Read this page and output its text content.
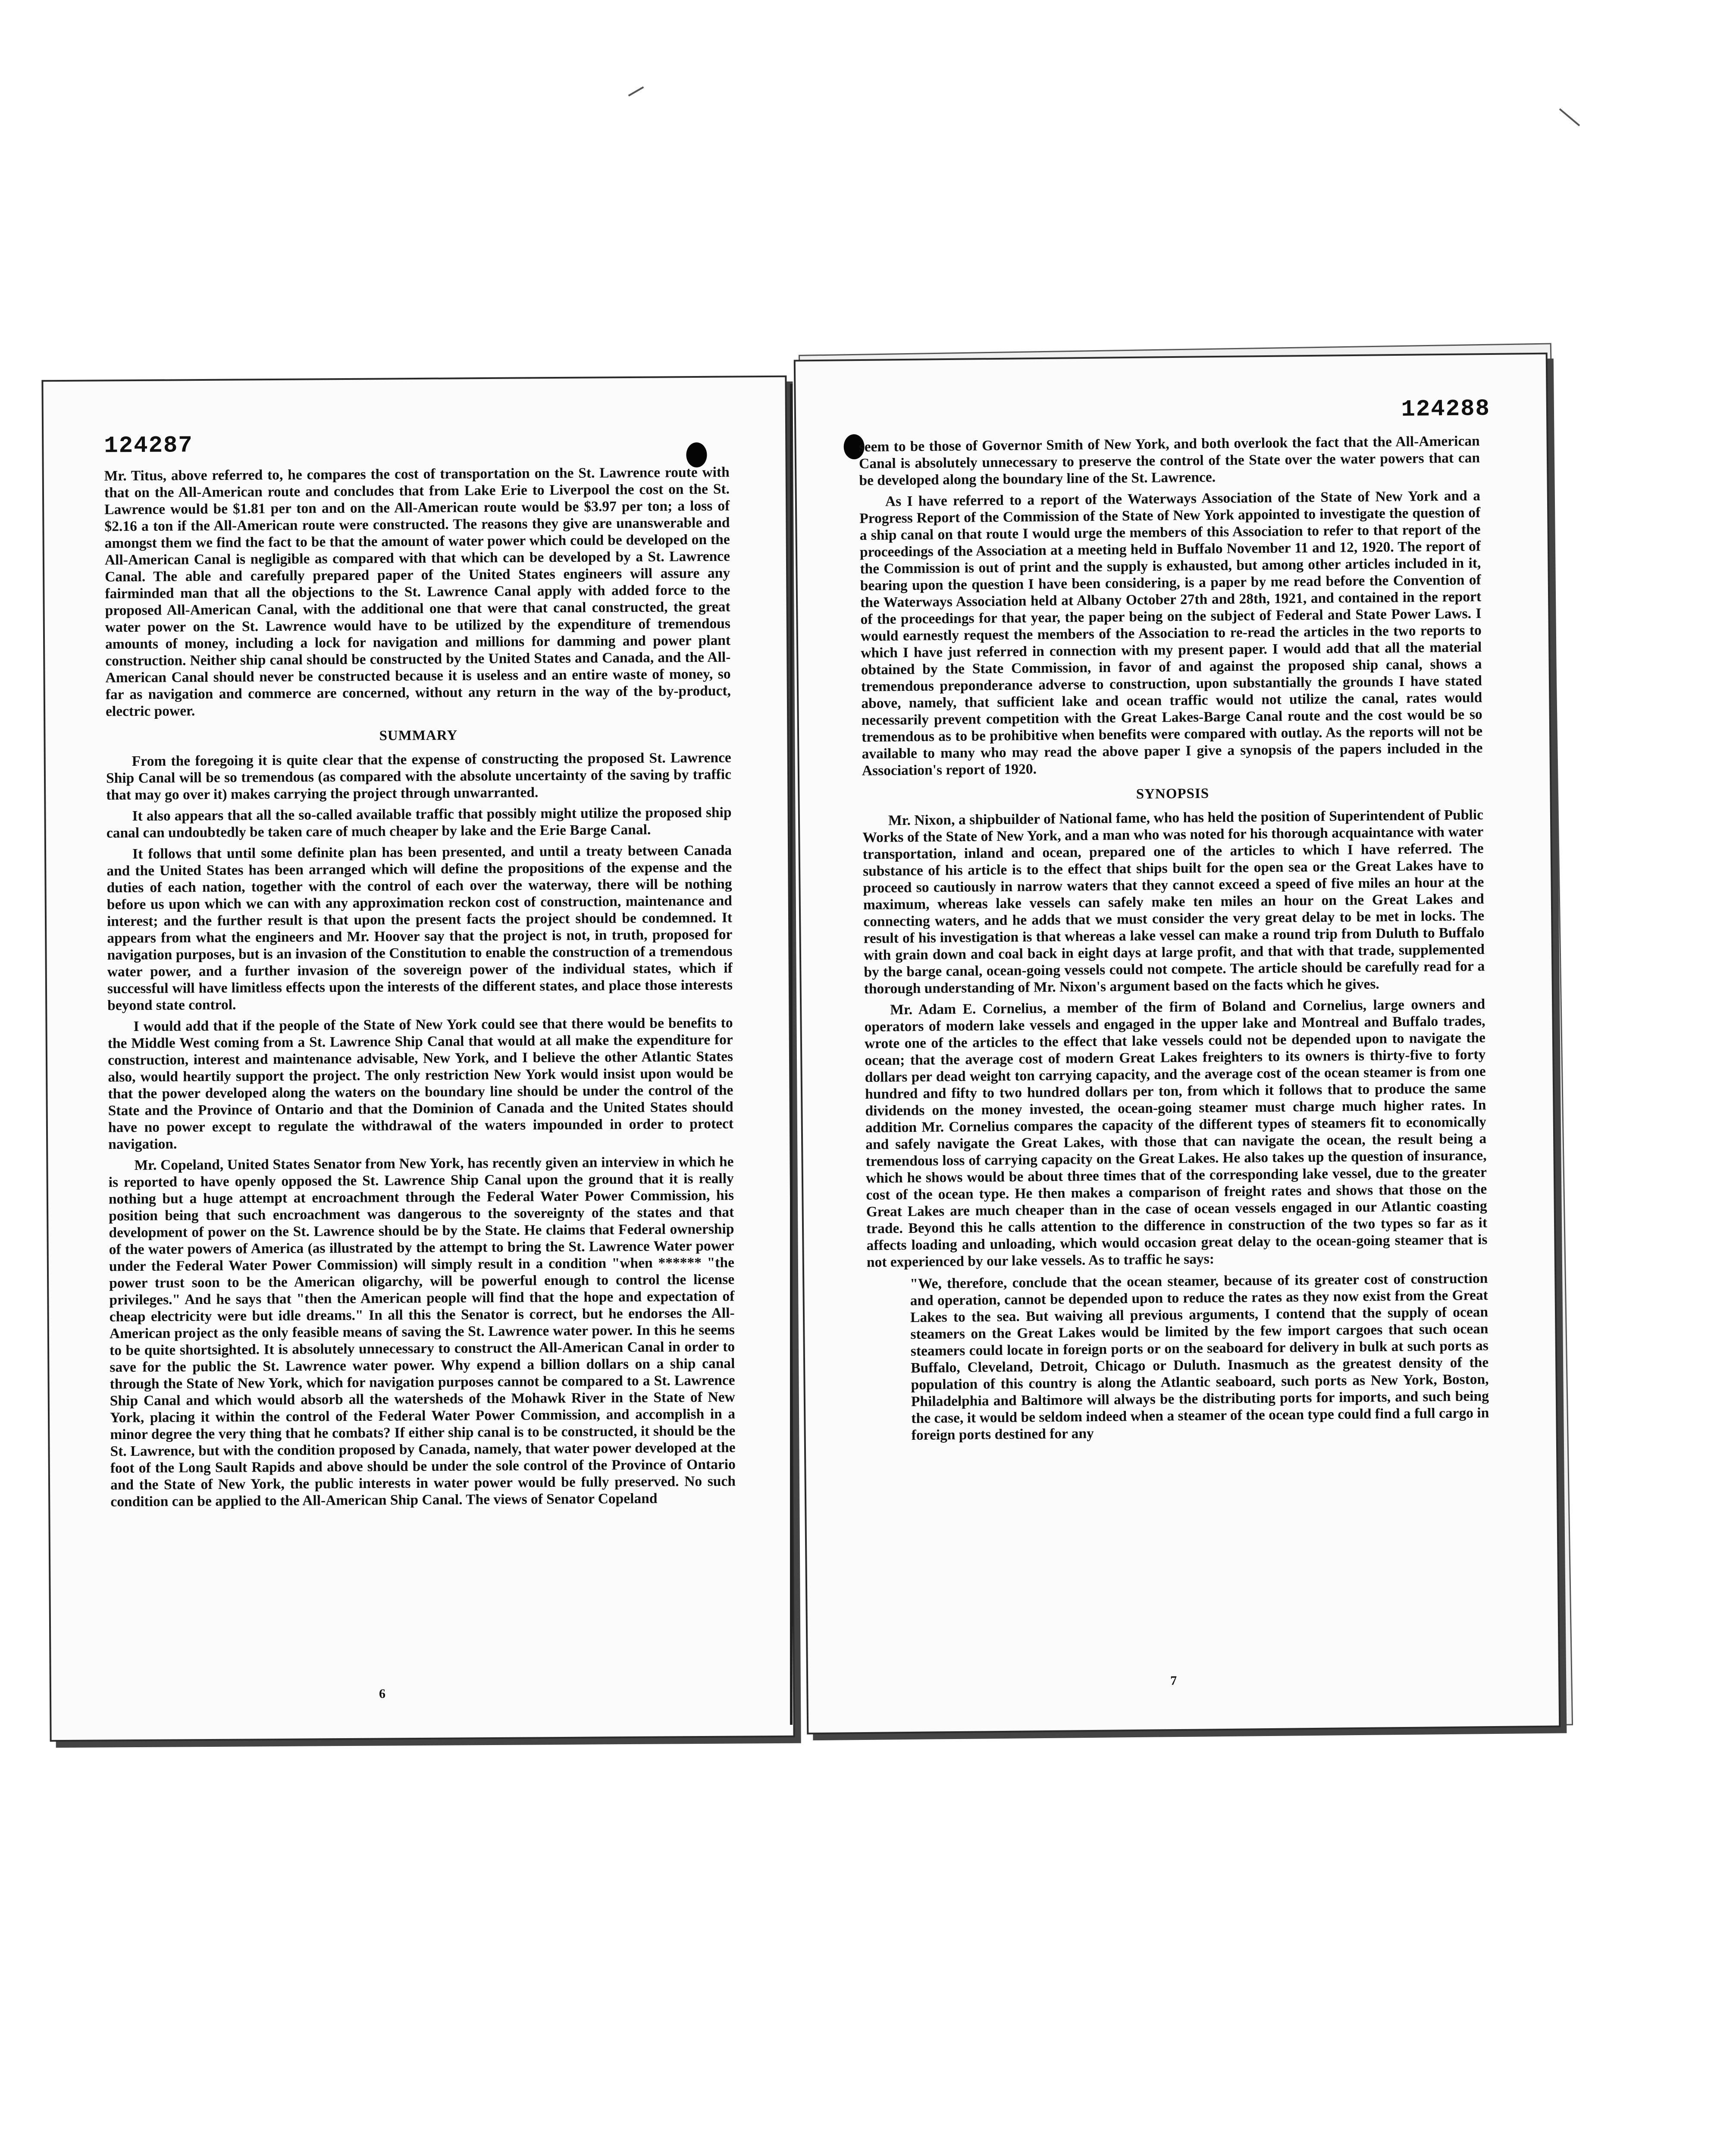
124287

Mr. Titus, above referred to, he compares the cost of transportation on the St. Lawrence route with that on the All-American route and concludes that from Lake Erie to Liverpool the cost on the St. Lawrence would be $1.81 per ton and on the All-American route would be $3.97 per ton; a loss of $2.16 a ton if the All-American route were constructed. The reasons they give are unanswerable and amongst them we find the fact to be that the amount of water power which could be developed on the All-American Canal is negligible as compared with that which can be developed by a St. Lawrence Canal. The able and carefully prepared paper of the United States engineers will assure any fairminded man that all the objections to the St. Lawrence Canal apply with added force to the proposed All-American Canal, with the additional one that were that canal constructed, the great water power on the St. Lawrence would have to be utilized by the expenditure of tremendous amounts of money, including a lock for navigation and millions for damming and power plant construction. Neither ship canal should be constructed by the United States and Canada, and the All-American Canal should never be constructed because it is useless and an entire waste of money, so far as navigation and commerce are concerned, without any return in the way of the by-product, electric power.

SUMMARY

From the foregoing it is quite clear that the expense of constructing the proposed St. Lawrence Ship Canal will be so tremendous (as compared with the absolute uncertainty of the saving by traffic that may go over it) makes carrying the project through unwarranted.

It also appears that all the so-called available traffic that possibly might utilize the proposed ship canal can undoubtedly be taken care of much cheaper by lake and the Erie Barge Canal.

It follows that until some definite plan has been presented, and until a treaty between Canada and the United States has been arranged which will define the propositions of the expense and the duties of each nation, together with the control of each over the waterway, there will be nothing before us upon which we can with any approximation reckon cost of construction, maintenance and interest; and the further result is that upon the present facts the project should be condemned. It appears from what the engineers and Mr. Hoover say that the project is not, in truth, proposed for navigation purposes, but is an invasion of the Constitution to enable the construction of a tremendous water power, and a further invasion of the sovereign power of the individual states, which if successful will have limitless effects upon the interests of the different states, and place those interests beyond state control.

I would add that if the people of the State of New York could see that there would be benefits to the Middle West coming from a St. Lawrence Ship Canal that would at all make the expenditure for construction, interest and maintenance advisable, New York, and I believe the other Atlantic States also, would heartily support the project. The only restriction New York would insist upon would be that the power developed along the waters on the boundary line should be under the control of the State and the Province of Ontario and that the Dominion of Canada and the United States should have no power except to regulate the withdrawal of the waters impounded in order to protect navigation.

Mr. Copeland, United States Senator from New York, has recently given an interview in which he is reported to have openly opposed the St. Lawrence Ship Canal upon the ground that it is really nothing but a huge attempt at encroachment through the Federal Water Power Commission, his position being that such encroachment was dangerous to the sovereignty of the states and that development of power on the St. Lawrence should be by the State. He claims that Federal ownership of the water powers of America (as illustrated by the attempt to bring the St. Lawrence Water power under the Federal Water Power Commission) will simply result in a condition "when ****** "the power trust soon to be the American oligarchy, will be powerful enough to control the license privileges." And he says that "then the American people will find that the hope and expectation of cheap electricity were but idle dreams." In all this the Senator is correct, but he endorses the All-American project as the only feasible means of saving the St. Lawrence water power. In this he seems to be quite shortsighted. It is absolutely unnecessary to construct the All-American Canal in order to save for the public the St. Lawrence water power. Why expend a billion dollars on a ship canal through the State of New York, which for navigation purposes cannot be compared to a St. Lawrence Ship Canal and which would absorb all the watersheds of the Mohawk River in the State of New York, placing it within the control of the Federal Water Power Commission, and accomplish in a minor degree the very thing that he combats? If either ship canal is to be constructed, it should be the St. Lawrence, but with the condition proposed by Canada, namely, that water power developed at the foot of the Long Sault Rapids and above should be under the sole control of the Province of Ontario and the State of New York, the public interests in water power would be fully preserved. No such condition can be applied to the All-American Ship Canal. The views of Senator Copeland

6
124288

seem to be those of Governor Smith of New York, and both overlook the fact that the All-American Canal is absolutely unnecessary to preserve the control of the State over the water powers that can be developed along the boundary line of the St. Lawrence.

As I have referred to a report of the Waterways Association of the State of New York and a Progress Report of the Commission of the State of New York appointed to investigate the question of a ship canal on that route I would urge the members of this Association to refer to that report of the proceedings of the Association at a meeting held in Buffalo November 11 and 12, 1920. The report of the Commission is out of print and the supply is exhausted, but among other articles included in it, bearing upon the question I have been considering, is a paper by me read before the Convention of the Waterways Association held at Albany October 27th and 28th, 1921, and contained in the report of the proceedings for that year, the paper being on the subject of Federal and State Power Laws. I would earnestly request the members of the Association to re-read the articles in the two reports to which I have just referred in connection with my present paper. I would add that all the material obtained by the State Commission, in favor of and against the proposed ship canal, shows a tremendous preponderance adverse to construction, upon substantially the grounds I have stated above, namely, that sufficient lake and ocean traffic would not utilize the canal, rates would necessarily prevent competition with the Great Lakes-Barge Canal route and the cost would be so tremendous as to be prohibitive when benefits were compared with outlay. As the reports will not be available to many who may read the above paper I give a synopsis of the papers included in the Association's report of 1920.

SYNOPSIS

Mr. Nixon, a shipbuilder of National fame, who has held the position of Superintendent of Public Works of the State of New York, and a man who was noted for his thorough acquaintance with water transportation, inland and ocean, prepared one of the articles to which I have referred. The substance of his article is to the effect that ships built for the open sea or the Great Lakes have to proceed so cautiously in narrow waters that they cannot exceed a speed of five miles an hour at the maximum, whereas lake vessels can safely make ten miles an hour on the Great Lakes and connecting waters, and he adds that we must consider the very great delay to be met in locks. The result of his investigation is that whereas a lake vessel can make a round trip from Duluth to Buffalo with grain down and coal back in eight days at large profit, and that with that trade, supplemented by the barge canal, ocean-going vessels could not compete. The article should be carefully read for a thorough understanding of Mr. Nixon's argument based on the facts which he gives.

Mr. Adam E. Cornelius, a member of the firm of Boland and Cornelius, large owners and operators of modern lake vessels and engaged in the upper lake and Montreal and Buffalo trades, wrote one of the articles to the effect that lake vessels could not be depended upon to navigate the ocean; that the average cost of modern Great Lakes freighters to its owners is thirty-five to forty dollars per dead weight ton carrying capacity, and the average cost of the ocean steamer is from one hundred and fifty to two hundred dollars per ton, from which it follows that to produce the same dividends on the money invested, the ocean-going steamer must charge much higher rates. In addition Mr. Cornelius compares the capacity of the different types of steamers fit to economically and safely navigate the Great Lakes, with those that can navigate the ocean, the result being a tremendous loss of carrying capacity on the Great Lakes. He also takes up the question of insurance, which he shows would be about three times that of the corresponding lake vessel, due to the greater cost of the ocean type. He then makes a comparison of freight rates and shows that those on the Great Lakes are much cheaper than in the case of ocean vessels engaged in our Atlantic coasting trade. Beyond this he calls attention to the difference in construction of the two types so far as it affects loading and unloading, which would occasion great delay to the ocean-going steamer that is not experienced by our lake vessels. As to traffic he says:

"We, therefore, conclude that the ocean steamer, because of its greater cost of construction and operation, cannot be depended upon to reduce the rates as they now exist from the Great Lakes to the sea. But waiving all previous arguments, I contend that the supply of ocean steamers on the Great Lakes would be limited by the few import cargoes that such ocean steamers could locate in foreign ports or on the seaboard for delivery in bulk at such ports as Buffalo, Cleveland, Detroit, Chicago or Duluth. Inasmuch as the greatest density of the population of this country is along the Atlantic seaboard, such ports as New York, Boston, Philadelphia and Baltimore will always be the distributing ports for imports, and such being the case, it would be seldom indeed when a steamer of the ocean type could find a full cargo in foreign ports destined for any

7
